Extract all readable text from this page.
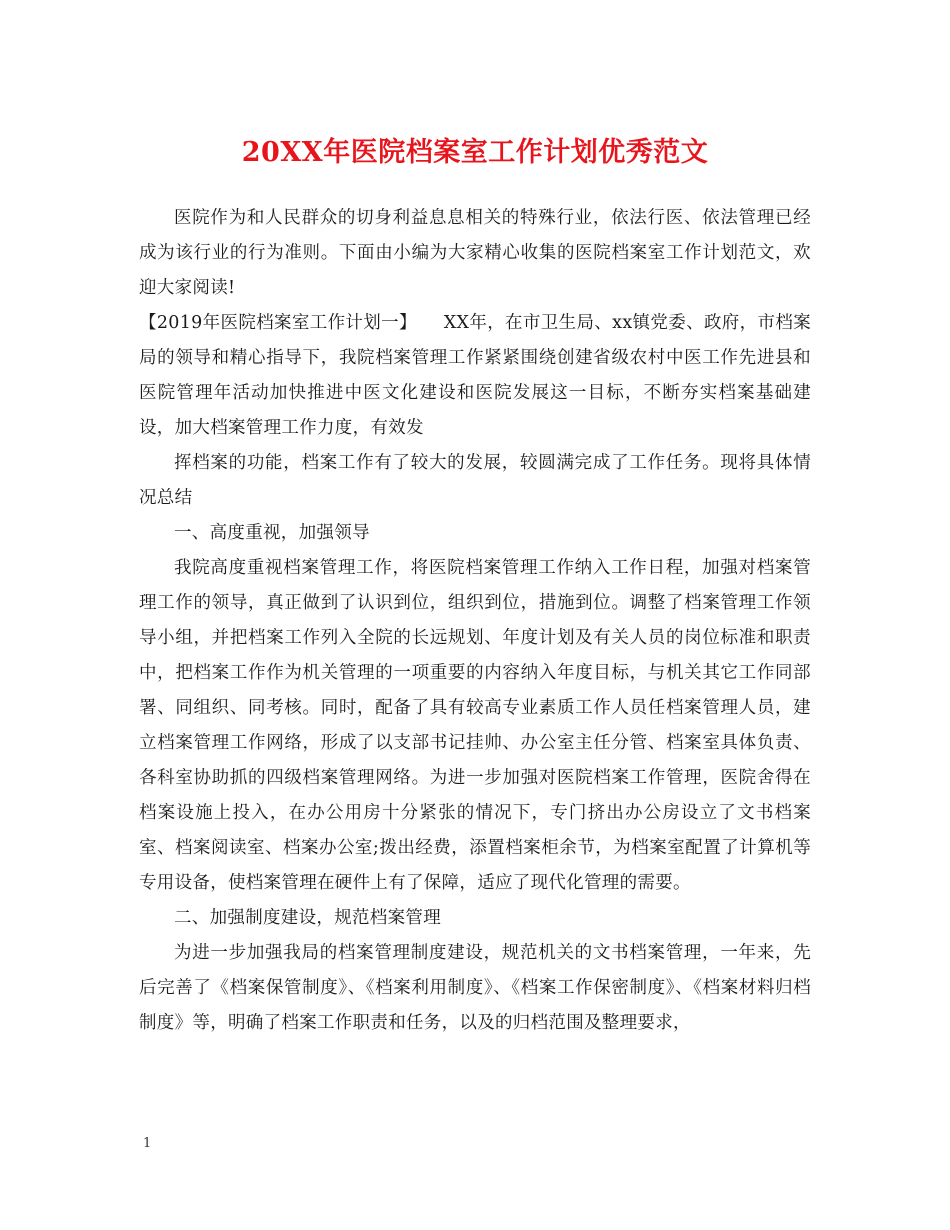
20XX年医院档案室工作计划优秀范文

医院作为和人民群众的切身利益息息相关的特殊行业，依法行医、依法管理已经成为该行业的行为准则。下面由小编为大家精心收集的医院档案室工作计划范文，欢迎大家阅读!

【2019年医院档案室工作计划一】　　XX年，在市卫生局、xx镇党委、政府，市档案局的领导和精心指导下，我院档案管理工作紧紧围绕创建省级农村中医工作先进县和医院管理年活动加快推进中医文化建设和医院发展这一目标，不断夯实档案基础建设，加大档案管理工作力度，有效发

挥档案的功能，档案工作有了较大的发展，较圆满完成了工作任务。现将具体情况总结

一、高度重视，加强领导

我院高度重视档案管理工作，将医院档案管理工作纳入工作日程，加强对档案管理工作的领导，真正做到了认识到位，组织到位，措施到位。调整了档案管理工作领导小组，并把档案工作列入全院的长远规划、年度计划及有关人员的岗位标准和职责中，把档案工作作为机关管理的一项重要的内容纳入年度目标，与机关其它工作同部署、同组织、同考核。同时，配备了具有较高专业素质工作人员任档案管理人员，建立档案管理工作网络，形成了以支部书记挂帅、办公室主任分管、档案室具体负责、各科室协助抓的四级档案管理网络。为进一步加强对医院档案工作管理，医院舍得在档案设施上投入，在办公用房十分紧张的情况下，专门挤出办公房设立了文书档案室、档案阅读室、档案办公室;拨出经费，添置档案柜余节，为档案室配置了计算机等专用设备，使档案管理在硬件上有了保障，适应了现代化管理的需要。

二、加强制度建设，规范档案管理

为进一步加强我局的档案管理制度建设，规范机关的文书档案管理，一年来，先后完善了《档案保管制度》、《档案利用制度》、《档案工作保密制度》、《档案材料归档制度》等，明确了档案工作职责和任务，以及的归档范围及整理要求，

1
